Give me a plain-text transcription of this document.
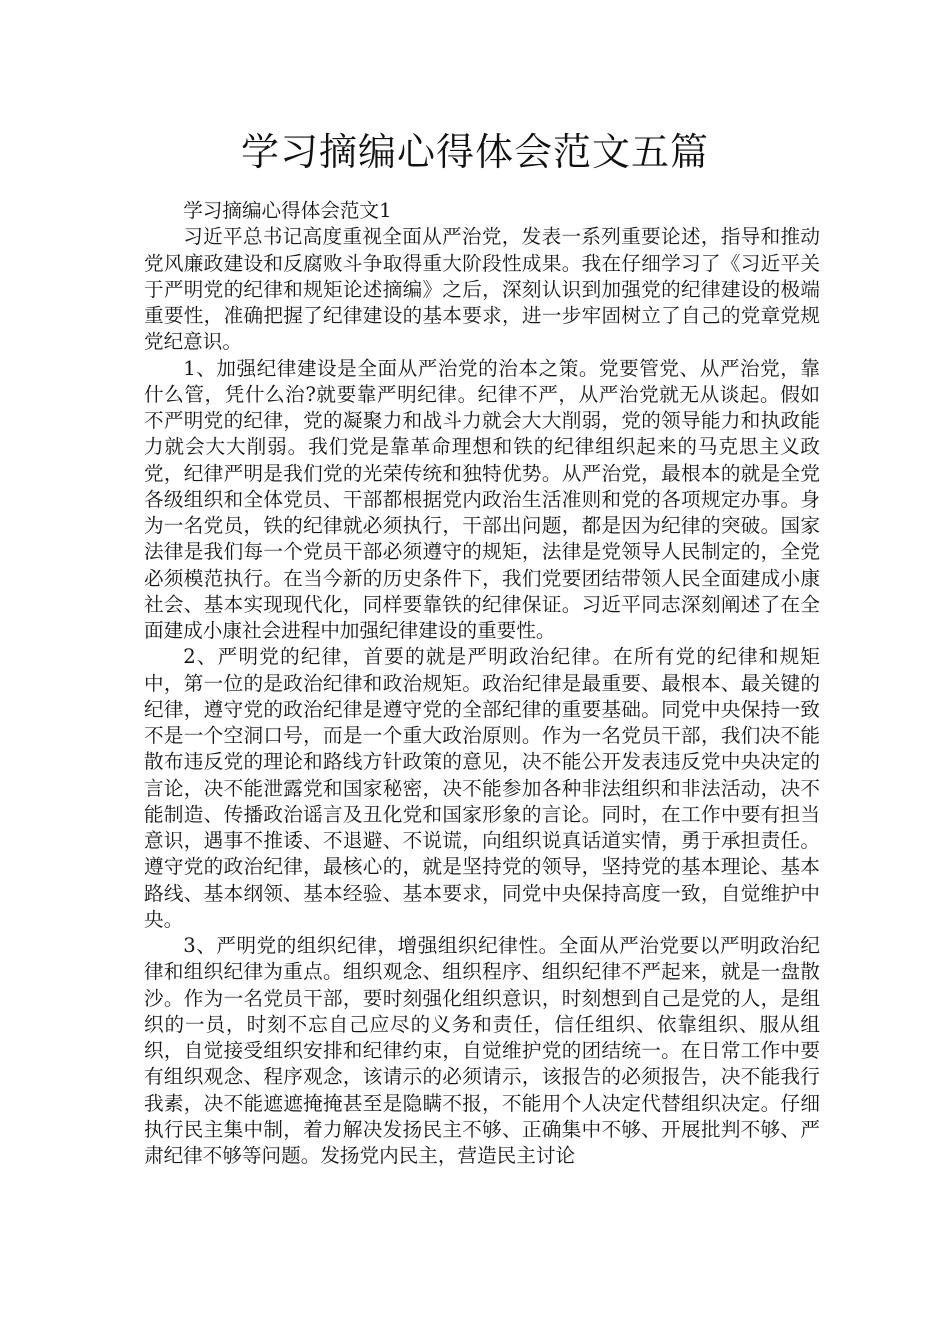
学习摘编心得体会范文五篇

学习摘编心得体会范文1

习近平总书记高度重视全面从严治党，发表一系列重要论述，指导和推动党风廉政建设和反腐败斗争取得重大阶段性成果。我在仔细学习了《习近平关于严明党的纪律和规矩论述摘编》之后，深刻认识到加强党的纪律建设的极端重要性，准确把握了纪律建设的基本要求，进一步牢固树立了自己的党章党规党纪意识。

1、加强纪律建设是全面从严治党的治本之策。党要管党、从严治党，靠什么管，凭什么治?就要靠严明纪律。纪律不严，从严治党就无从谈起。假如不严明党的纪律，党的凝聚力和战斗力就会大大削弱，党的领导能力和执政能力就会大大削弱。我们党是靠革命理想和铁的纪律组织起来的马克思主义政党，纪律严明是我们党的光荣传统和独特优势。从严治党，最根本的就是全党各级组织和全体党员、干部都根据党内政治生活准则和党的各项规定办事。身为一名党员，铁的纪律就必须执行，干部出问题，都是因为纪律的突破。国家法律是我们每一个党员干部必须遵守的规矩，法律是党领导人民制定的，全党必须模范执行。在当今新的历史条件下，我们党要团结带领人民全面建成小康社会、基本实现现代化，同样要靠铁的纪律保证。习近平同志深刻阐述了在全面建成小康社会进程中加强纪律建设的重要性。

2、严明党的纪律，首要的就是严明政治纪律。在所有党的纪律和规矩中，第一位的是政治纪律和政治规矩。政治纪律是最重要、最根本、最关键的纪律，遵守党的政治纪律是遵守党的全部纪律的重要基础。同党中央保持一致不是一个空洞口号，而是一个重大政治原则。作为一名党员干部，我们决不能散布违反党的理论和路线方针政策的意见，决不能公开发表违反党中央决定的言论，决不能泄露党和国家秘密，决不能参加各种非法组织和非法活动，决不能制造、传播政治谣言及丑化党和国家形象的言论。同时，在工作中要有担当意识，遇事不推诿、不退避、不说谎，向组织说真话道实情，勇于承担责任。遵守党的政治纪律，最核心的，就是坚持党的领导，坚持党的基本理论、基本路线、基本纲领、基本经验、基本要求，同党中央保持高度一致，自觉维护中央。

3、严明党的组织纪律，增强组织纪律性。全面从严治党要以严明政治纪律和组织纪律为重点。组织观念、组织程序、组织纪律不严起来，就是一盘散沙。作为一名党员干部，要时刻强化组织意识，时刻想到自己是党的人，是组织的一员，时刻不忘自己应尽的义务和责任，信任组织、依靠组织、服从组织，自觉接受组织安排和纪律约束，自觉维护党的团结统一。在日常工作中要有组织观念、程序观念，该请示的必须请示，该报告的必须报告，决不能我行我素，决不能遮遮掩掩甚至是隐瞒不报，不能用个人决定代替组织决定。仔细执行民主集中制，着力解决发扬民主不够、正确集中不够、开展批判不够、严肃纪律不够等问题。发扬党内民主，营造民主讨论
